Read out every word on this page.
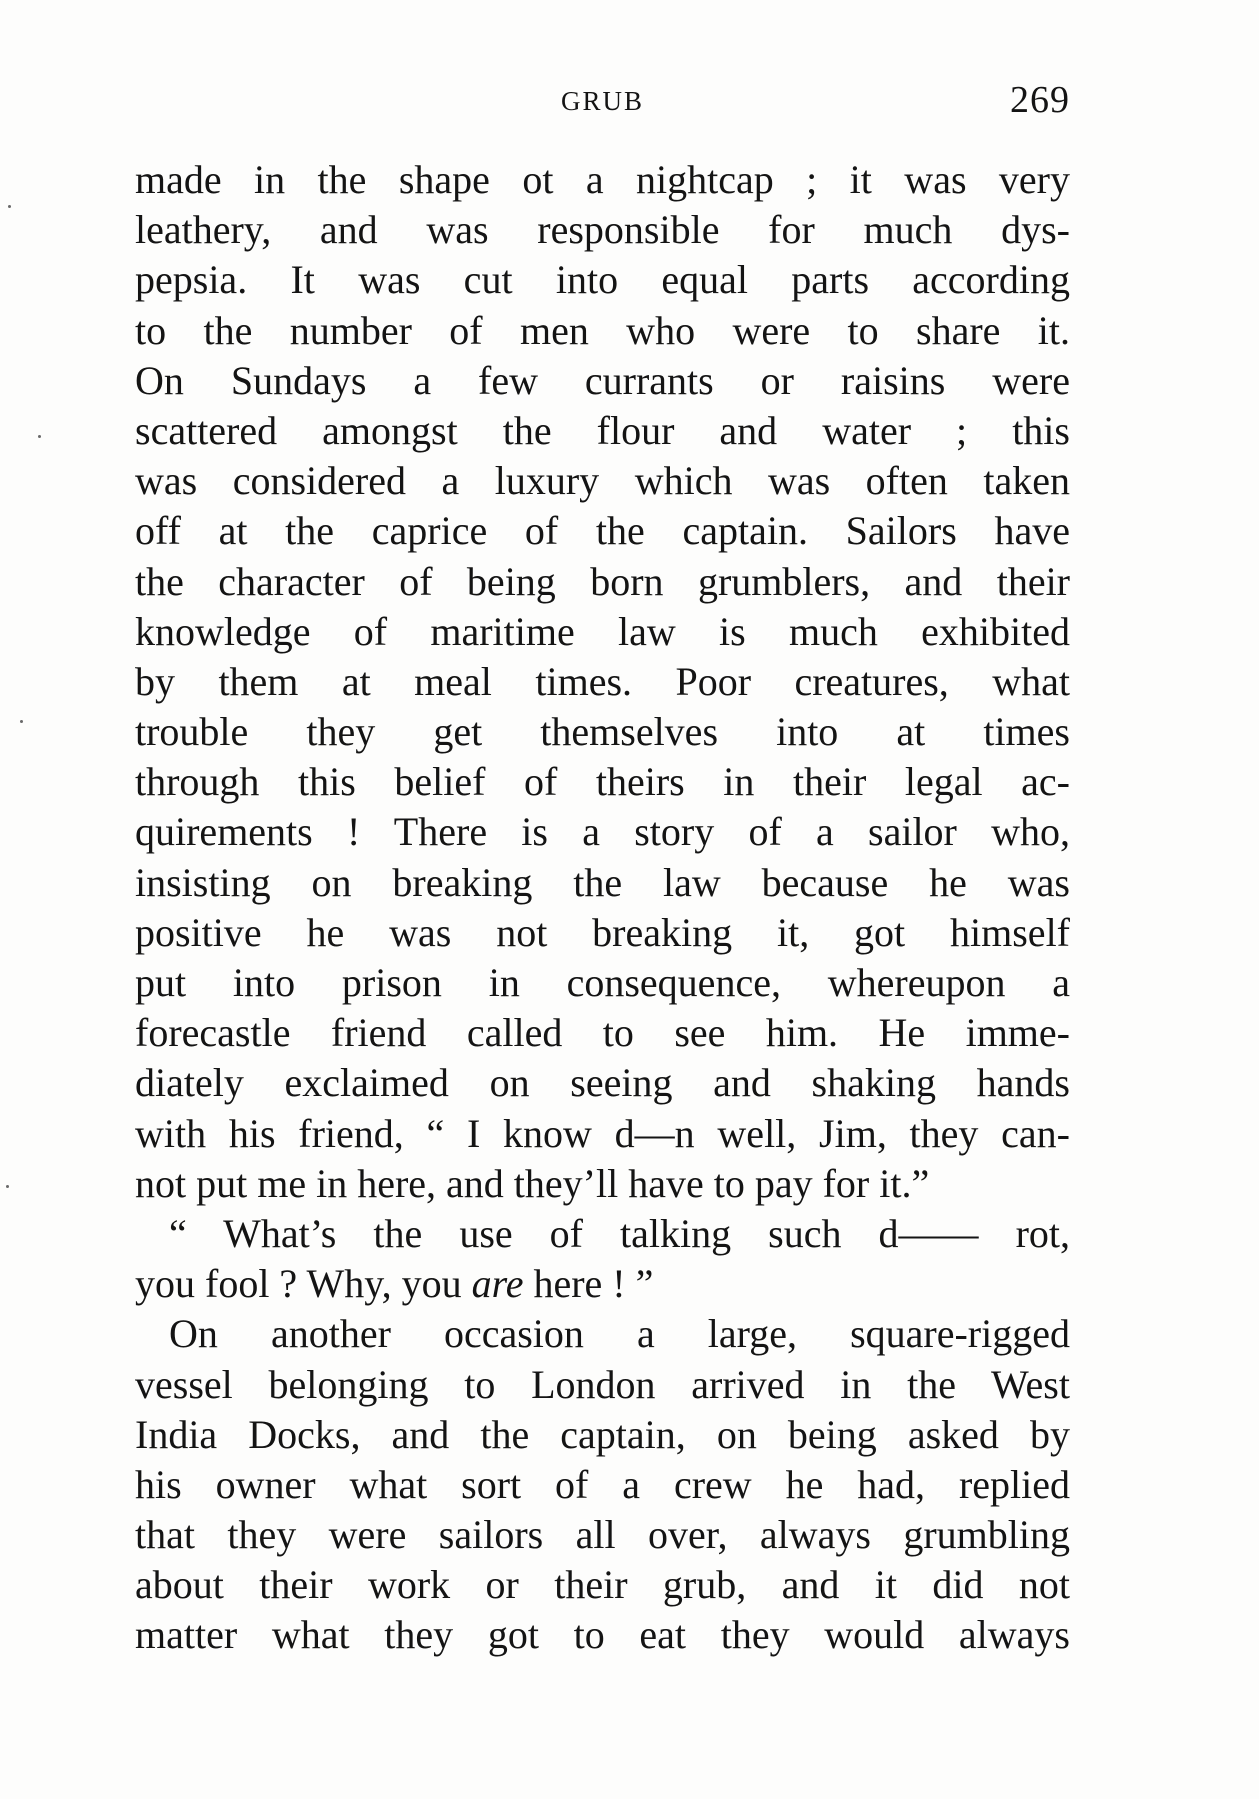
GRUB	269
made in the shape ot a nightcap ; it was very
leathery, and was responsible for much dys-
pepsia. It was cut into equal parts according
to the number of men who were to share it.
On Sundays a few currants or raisins were
scattered amongst the flour and water ; this
was considered a luxury which was often taken
off at the caprice of the captain. Sailors have
the character of being born grumblers, and their
knowledge of maritime law is much exhibited
by them at meal times. Poor creatures, what
trouble they get themselves into at times
through this belief of theirs in their legal ac-
quirements ! There is a story of a sailor who,
insisting on breaking the law because he was
positive he was not breaking it, got himself
put into prison in consequence, whereupon a
forecastle friend called to see him. He imme-
diately exclaimed on seeing and shaking hands
with his friend, “ I know d—n well, Jim, they can-
not put me in here, and they’ll have to pay for it.”
“ What’s the use of talking such d—— rot,
you fool ? Why, you are here ! ”
On another occasion a large, square-rigged
vessel belonging to London arrived in the West
India Docks, and the captain, on being asked by
his owner what sort of a crew he had, replied
that they were sailors all over, always grumbling
about their work or their grub, and it did not
matter what they got to eat they would always
